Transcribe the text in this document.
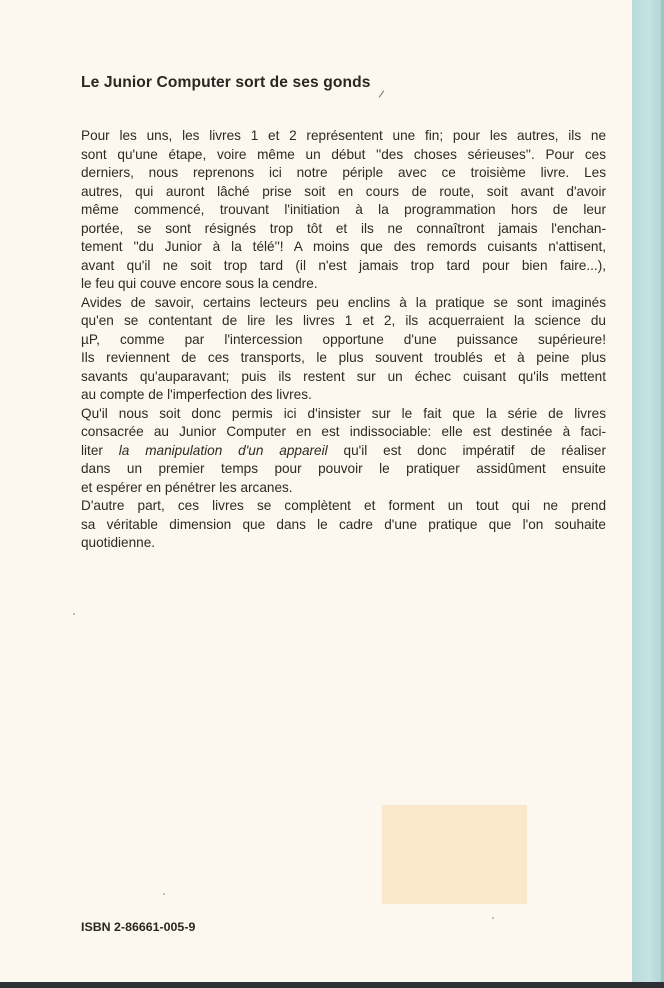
Le Junior Computer sort de ses gonds
Pour les uns, les livres 1 et 2 représentent une fin; pour les autres, ils ne
sont qu'une étape, voire même un début ''des choses sérieuses''. Pour ces
derniers, nous reprenons ici notre périple avec ce troisième livre. Les
autres, qui auront lâché prise soit en cours de route, soit avant d'avoir
même commencé, trouvant l'initiation à la programmation hors de leur
portée, se sont résignés trop tôt et ils ne connaîtront jamais l'enchan-
tement ''du Junior à la télé''! A moins que des remords cuisants n'attisent,
avant qu'il ne soit trop tard (il n'est jamais trop tard pour bien faire...),
le feu qui couve encore sous la cendre.
Avides de savoir, certains lecteurs peu enclins à la pratique se sont imaginés
qu'en se contentant de lire les livres 1 et 2, ils acquerraient la science du
µP, comme par l'intercession opportune d'une puissance supérieure!
Ils reviennent de ces transports, le plus souvent troublés et à peine plus
savants qu'auparavant; puis ils restent sur un échec cuisant qu'ils mettent
au compte de l'imperfection des livres.
Qu'il nous soit donc permis ici d'insister sur le fait que la série de livres
consacrée au Junior Computer en est indissociable: elle est destinée à faci-
liter la manipulation d'un appareil qu'il est donc impératif de réaliser
dans un premier temps pour pouvoir le pratiquer assidûment ensuite
et espérer en pénétrer les arcanes.
D'autre part, ces livres se complètent et forment un tout qui ne prend
sa véritable dimension que dans le cadre d'une pratique que l'on souhaite
quotidienne.

ISBN 2-86661-005-9
